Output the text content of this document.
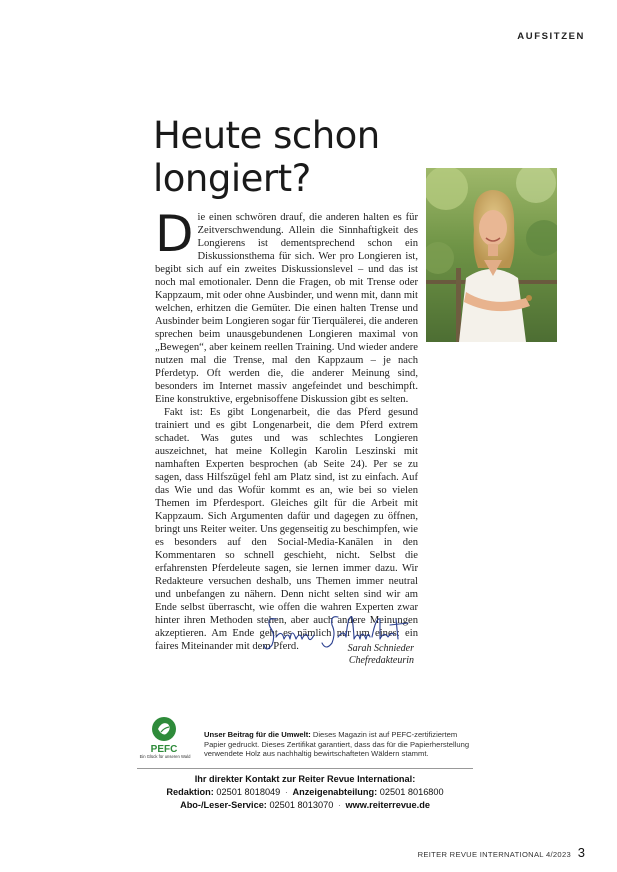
AUFSITZEN
Heute schon
longiert?

Die einen schwören drauf, die anderen halten es für Zeitverschwendung. Allein die Sinnhaftigkeit des Longierens ist dementsprechend schon ein Diskussionsthema für sich. Wer pro Longieren ist, begibt sich auf ein zweites Diskussionslevel – und das ist noch mal emotionaler. Denn die Fragen, ob mit Trense oder Kappzaum, mit oder ohne Ausbinder, und wenn mit, dann mit welchen, erhitzen die Gemüter. Die einen halten Trense und Ausbinder beim Longieren sogar für Tierquälerei, die anderen sprechen beim unausgebundenen Longieren maximal von „Bewegen“, aber keinem reellen Training. Und wieder andere nutzen mal die Trense, mal den Kappzaum – je nach Pferdetyp. Oft werden die, die anderer Meinung sind, besonders im Internet massiv angefeindet und beschimpft. Eine konstruktive, ergebnisoffene Diskussion gibt es selten.

Fakt ist: Es gibt Longenarbeit, die das Pferd gesund trainiert und es gibt Longenarbeit, die dem Pferd extrem schadet. Was gutes und was schlechtes Longieren auszeichnet, hat meine Kollegin Karolin Leszinski mit namhaften Experten besprochen (ab Seite 24). Per se zu sagen, dass Hilfszügel fehl am Platz sind, ist zu einfach. Auf das Wie und das Wofür kommt es an, wie bei so vielen Themen im Pferdesport. Gleiches gilt für die Arbeit mit Kappzaum. Sich Argumenten dafür und dagegen zu öffnen, bringt uns Reiter weiter. Uns gegenseitig zu beschimpfen, wie es besonders auf den Social-Media-Kanälen in den Kommentaren so schnell geschieht, nicht. Selbst die erfahrensten Pferdeleute sagen, sie lernen immer dazu. Wir Redakteure versuchen deshalb, uns Themen immer neutral und unbefangen zu nähern. Denn nicht selten sind wir am Ende selbst überrascht, wie offen die wahren Experten zwar hinter ihren Methoden stehen, aber auch andere Meinungen akzeptieren. Am Ende geht es nämlich nur um eines: ein faires Miteinander mit dem Pferd.	Sarah Schnieder
Chefredakteurin
PEFC
Ein Glück für unseren Wald
Unser Beitrag für die Umwelt: Dieses Magazin ist auf PEFC-zertifiziertem Papier gedruckt. Dieses Zertifikat garantiert, dass das für die Papierherstellung verwendete Holz aus nachhaltig bewirtschafteten Wäldern stammt.
Ihr direkter Kontakt zur Reiter Revue International:
Redaktion: 02501 8018049 · Anzeigenabteilung: 02501 8016800
Abo-/Leser-Service: 02501 8013070 · www.reiterrevue.de
REITER REVUE INTERNATIONAL 4/2023 3
